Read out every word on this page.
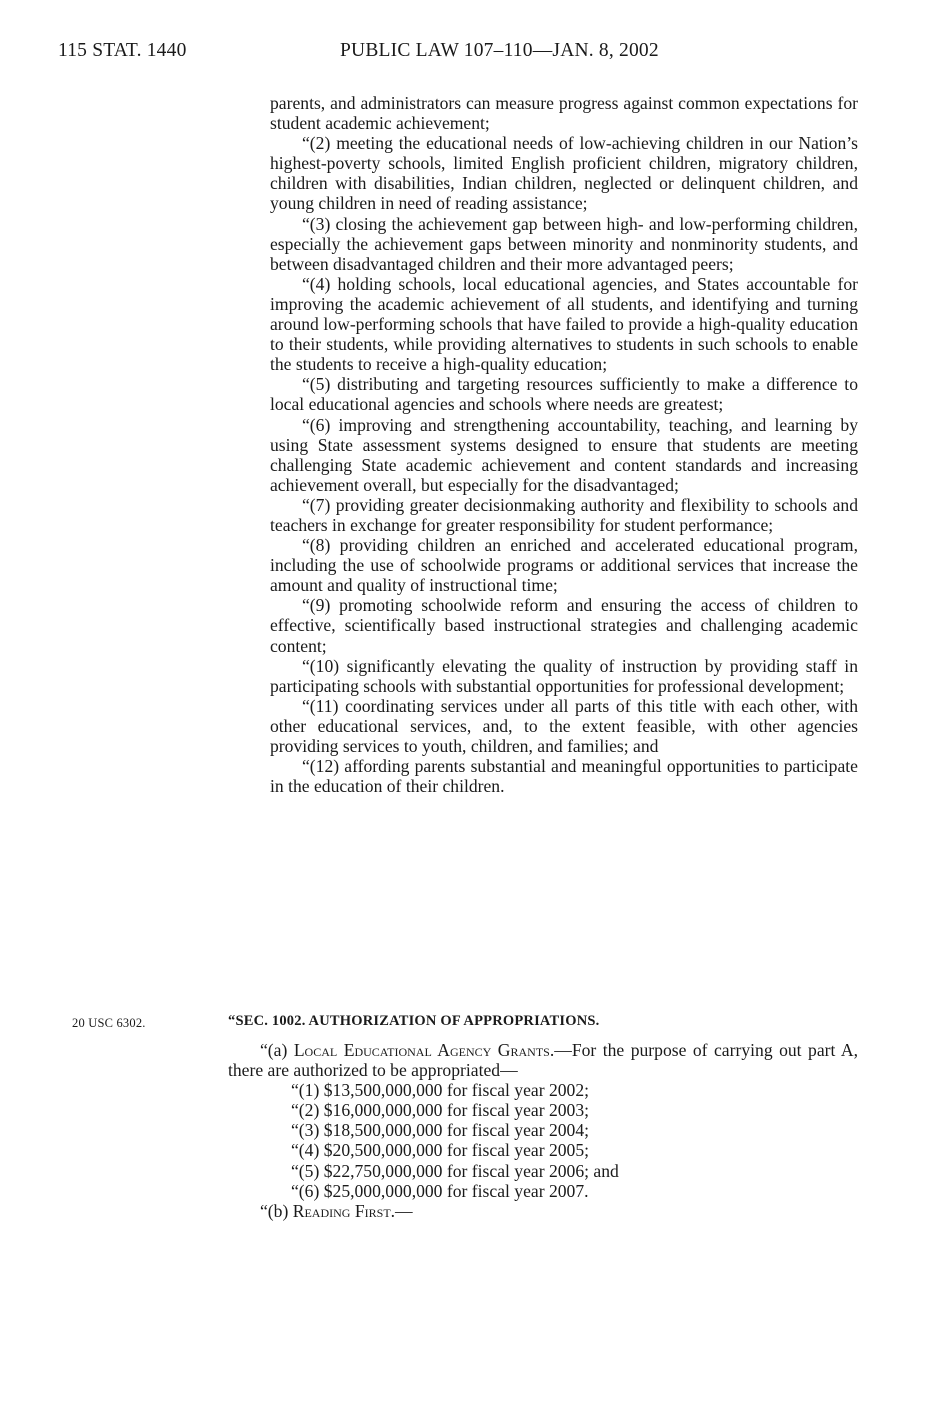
115 STAT. 1440	PUBLIC LAW 107–110—JAN. 8, 2002

parents, and administrators can measure progress against common expectations for student academic achievement;

“(2) meeting the educational needs of low-achieving children in our Nation’s highest-poverty schools, limited English proficient children, migratory children, children with disabilities, Indian children, neglected or delinquent children, and young children in need of reading assistance;

“(3) closing the achievement gap between high- and low-performing children, especially the achievement gaps between minority and nonminority students, and between disadvantaged children and their more advantaged peers;

“(4) holding schools, local educational agencies, and States accountable for improving the academic achievement of all students, and identifying and turning around low-performing schools that have failed to provide a high-quality education to their students, while providing alternatives to students in such schools to enable the students to receive a high-quality education;

“(5) distributing and targeting resources sufficiently to make a difference to local educational agencies and schools where needs are greatest;

“(6) improving and strengthening accountability, teaching, and learning by using State assessment systems designed to ensure that students are meeting challenging State academic achievement and content standards and increasing achievement overall, but especially for the disadvantaged;

“(7) providing greater decisionmaking authority and flexibility to schools and teachers in exchange for greater responsibility for student performance;

“(8) providing children an enriched and accelerated educational program, including the use of schoolwide programs or additional services that increase the amount and quality of instructional time;

“(9) promoting schoolwide reform and ensuring the access of children to effective, scientifically based instructional strategies and challenging academic content;

“(10) significantly elevating the quality of instruction by providing staff in participating schools with substantial opportunities for professional development;

“(11) coordinating services under all parts of this title with each other, with other educational services, and, to the extent feasible, with other agencies providing services to youth, children, and families; and

“(12) affording parents substantial and meaningful opportunities to participate in the education of their children.

20 USC 6302.	“SEC. 1002. AUTHORIZATION OF APPROPRIATIONS.

“(a) Local Educational Agency Grants.—For the purpose of carrying out part A, there are authorized to be appropriated—

“(1) $13,500,000,000 for fiscal year 2002;
“(2) $16,000,000,000 for fiscal year 2003;
“(3) $18,500,000,000 for fiscal year 2004;
“(4) $20,500,000,000 for fiscal year 2005;
“(5) $22,750,000,000 for fiscal year 2006; and
“(6) $25,000,000,000 for fiscal year 2007.

“(b) Reading First.—
